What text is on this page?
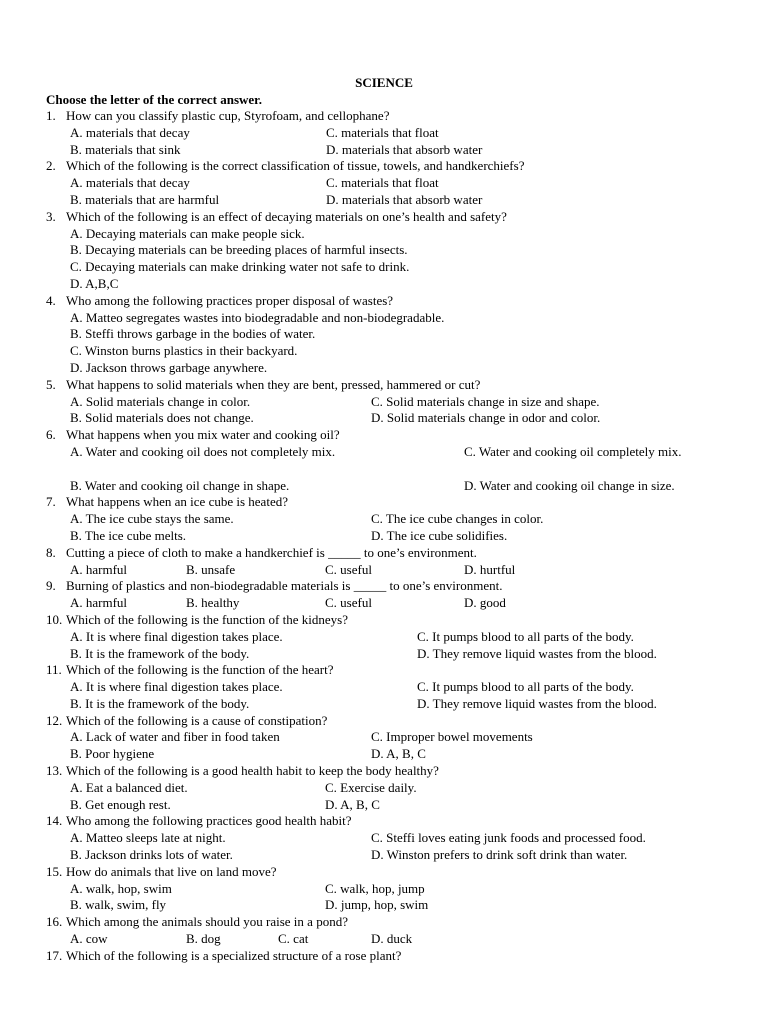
SCIENCE
Choose the letter of the correct answer.
1. How can you classify plastic cup, Styrofoam, and cellophane?
A. materials that decay	C. materials that float
B. materials that sink	D. materials that absorb water
2. Which of the following is the correct classification of tissue, towels, and handkerchiefs?
A. materials that decay	C. materials that float
B. materials that are harmful	D. materials that absorb water
3. Which of the following is an effect of decaying materials on one’s health and safety?
A. Decaying materials can make people sick.
B. Decaying materials can be breeding places of harmful insects.
C. Decaying materials can make drinking water not safe to drink.
D. A,B,C
4. Who among the following practices proper disposal of wastes?
A. Matteo segregates wastes into biodegradable and non-biodegradable.
B. Steffi throws garbage in the bodies of water.
C. Winston burns plastics in their backyard.
D. Jackson throws garbage anywhere.
5. What happens to solid materials when they are bent, pressed, hammered or cut?
A. Solid materials change in color.	C. Solid materials change in size and shape.
B. Solid materials does not change.	D. Solid materials change in odor and color.
6. What happens when you mix water and cooking oil?
A. Water and cooking oil does not completely mix.	C. Water and cooking oil completely mix.
B. Water and cooking oil change in shape.	D. Water and cooking oil change in size.
7. What happens when an ice cube is heated?
A. The ice cube stays the same.	C. The ice cube changes in color.
B. The ice cube melts.	D. The ice cube solidifies.
8. Cutting a piece of cloth to make a handkerchief is _____ to one’s environment.
A. harmful	B. unsafe	C. useful	D. hurtful
9. Burning of plastics and non-biodegradable materials is _____ to one’s environment.
A. harmful	B. healthy	C. useful	D. good
10. Which of the following is the function of the kidneys?
A. It is where final digestion takes place.	C. It pumps blood to all parts of the body.
B. It is the framework of the body.	D. They remove liquid wastes from the blood.
11. Which of the following is the function of the heart?
A. It is where final digestion takes place.	C. It pumps blood to all parts of the body.
B. It is the framework of the body.	D. They remove liquid wastes from the blood.
12. Which of the following is a cause of constipation?
A. Lack of water and fiber in food taken	C. Improper bowel movements
B. Poor hygiene	D. A, B, C
13. Which of the following is a good health habit to keep the body healthy?
A. Eat a balanced diet.	C. Exercise daily.
B. Get enough rest.	D. A, B, C
14. Who among the following practices good health habit?
A. Matteo sleeps late at night.	C. Steffi loves eating junk foods and processed food.
B. Jackson drinks lots of water.	D. Winston prefers to drink soft drink than water.
15. How do animals that live on land move?
A. walk, hop, swim	C. walk, hop, jump
B. walk, swim, fly	D. jump, hop, swim
16. Which among the animals should you raise in a pond?
A. cow	B. dog	C. cat	D. duck
17. Which of the following is a specialized structure of a rose plant?
